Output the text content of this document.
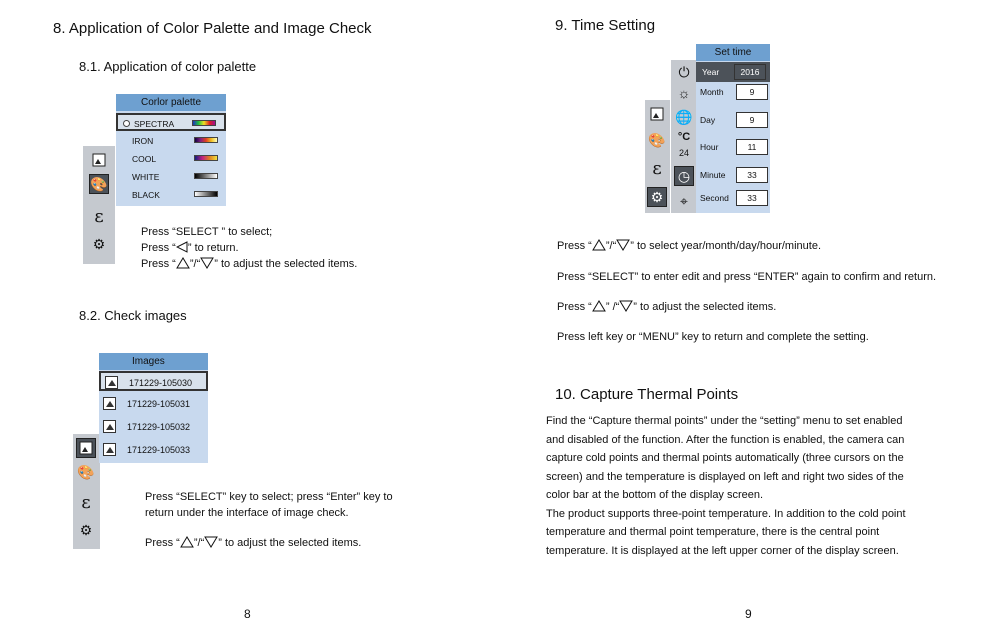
8. Application of Color Palette and Image Check
8.1. Application of color palette
🎨
ε
⚙
Corlor palette
SPECTRA
IRON
COOL
WHITE
BLACK
Press “SELECT ” to select;
Press “ ” to return.
Press “ ”/“ ” to adjust the selected items.
8.2. Check images
🎨
ε
⚙
Images
171229-105030
171229-105031
171229-105032
171229-105033
Press “SELECT” key to select; press “Enter” key to
return under the interface of image check.
Press “ ”/“ ” to adjust the selected items.
8
9. Time Setting
🎨
ε
⚙
⏻
☼
🌐
°C
24
◷
⌖
Set time
Year	2016
Month	9
Day	9
Hour	11
Minute	33
Second	33
Press “ ”/“ ” to select year/month/day/hour/minute.
Press “SELECT” to enter edit and press “ENTER” again to confirm and return.
Press “ ” /“ ” to adjust the selected items.
Press left key or “MENU” key to return and complete the setting.
10. Capture Thermal Points
Find the “Capture thermal points” under the “setting” menu to set enabled
and disabled of the function. After the function is enabled, the camera can
capture cold points and thermal points automatically (three cursors on the
screen) and the temperature is displayed on left and right two sides of the
color bar at the bottom of the display screen.
The product supports three-point temperature. In addition to the cold point
temperature and thermal point temperature, there is the central point
temperature. It is displayed at the left upper corner of the display screen.
9
